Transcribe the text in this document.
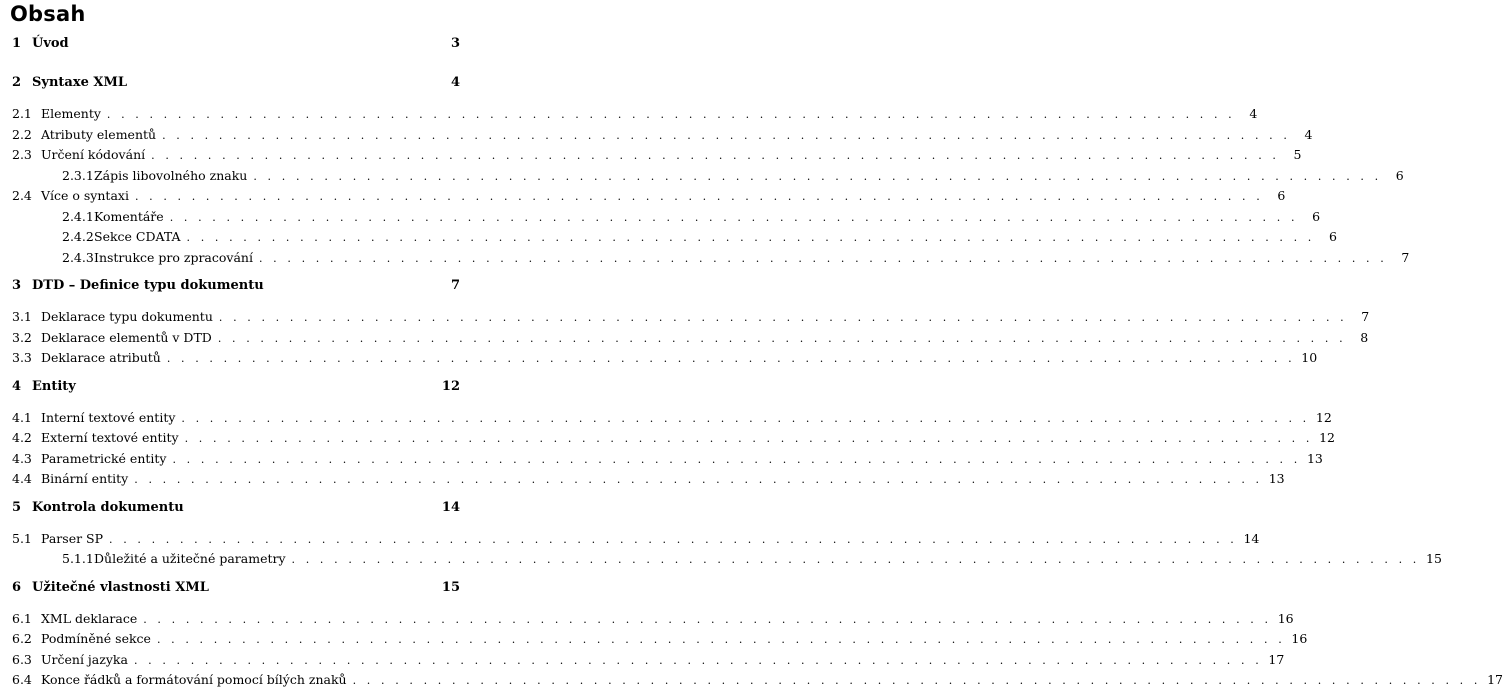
Obsah
1 Úvod	3
2 Syntaxe XML	4
2.1 Elementy . . . . . . . . . . . . . . . . . . . . . . . . . . . . . . . . . . . . . . . . . . . . . . . . . . . . . . . . . . . . . . . . . . . . . . . . . . . . . . . .	4
2.2 Atributy elementů . . . . . . . . . . . . . . . . . . . . . . . . . . . . . . . . . . . . . . . . . . . . . . . . . . . . . . . . . . . . . . . . . . . . . . . . . . . . . . . .	4
2.3 Určení kódování . . . . . . . . . . . . . . . . . . . . . . . . . . . . . . . . . . . . . . . . . . . . . . . . . . . . . . . . . . . . . . . . . . . . . . . . . . . . . . . .	5
2.3.1 Zápis libovolného znaku . . . . . . . . . . . . . . . . . . . . . . . . . . . . . . . . . . . . . . . . . . . . . . . . . . . . . . . . . . . . . . . . . . . . . . . . . . . . . . . .	6
2.4 Více o syntaxi . . . . . . . . . . . . . . . . . . . . . . . . . . . . . . . . . . . . . . . . . . . . . . . . . . . . . . . . . . . . . . . . . . . . . . . . . . . . . . . .	6
2.4.1 Komentáře . . . . . . . . . . . . . . . . . . . . . . . . . . . . . . . . . . . . . . . . . . . . . . . . . . . . . . . . . . . . . . . . . . . . . . . . . . . . . . . .	6
2.4.2 Sekce CDATA . . . . . . . . . . . . . . . . . . . . . . . . . . . . . . . . . . . . . . . . . . . . . . . . . . . . . . . . . . . . . . . . . . . . . . . . . . . . . . . .	6
2.4.3 Instrukce pro zpracování . . . . . . . . . . . . . . . . . . . . . . . . . . . . . . . . . . . . . . . . . . . . . . . . . . . . . . . . . . . . . . . . . . . . . . . . . . . . . . . .	7
3 DTD – Definice typu dokumentu	7
3.1 Deklarace typu dokumentu . . . . . . . . . . . . . . . . . . . . . . . . . . . . . . . . . . . . . . . . . . . . . . . . . . . . . . . . . . . . . . . . . . . . . . . . . . . . . . . .	7
3.2 Deklarace elementů v DTD . . . . . . . . . . . . . . . . . . . . . . . . . . . . . . . . . . . . . . . . . . . . . . . . . . . . . . . . . . . . . . . . . . . . . . . . . . . . . . . .	8
3.3 Deklarace atributů . . . . . . . . . . . . . . . . . . . . . . . . . . . . . . . . . . . . . . . . . . . . . . . . . . . . . . . . . . . . . . . . . . . . . . . . . . . . . . . . 10
4 Entity	12
4.1 Interní textové entity . . . . . . . . . . . . . . . . . . . . . . . . . . . . . . . . . . . . . . . . . . . . . . . . . . . . . . . . . . . . . . . . . . . . . . . . . . . . . . . . 12
4.2 Externí textové entity . . . . . . . . . . . . . . . . . . . . . . . . . . . . . . . . . . . . . . . . . . . . . . . . . . . . . . . . . . . . . . . . . . . . . . . . . . . . . . . . 12
4.3 Parametrické entity . . . . . . . . . . . . . . . . . . . . . . . . . . . . . . . . . . . . . . . . . . . . . . . . . . . . . . . . . . . . . . . . . . . . . . . . . . . . . . . . 13
4.4 Binární entity . . . . . . . . . . . . . . . . . . . . . . . . . . . . . . . . . . . . . . . . . . . . . . . . . . . . . . . . . . . . . . . . . . . . . . . . . . . . . . . . 13
5 Kontrola dokumentu	14
5.1 Parser SP . . . . . . . . . . . . . . . . . . . . . . . . . . . . . . . . . . . . . . . . . . . . . . . . . . . . . . . . . . . . . . . . . . . . . . . . . . . . . . . . 14
5.1.1 Důležité a užitečné parametry . . . . . . . . . . . . . . . . . . . . . . . . . . . . . . . . . . . . . . . . . . . . . . . . . . . . . . . . . . . . . . . . . . . . . . . . . . . . . . . . 15
6 Užitečné vlastnosti XML	15
6.1 XML deklarace . . . . . . . . . . . . . . . . . . . . . . . . . . . . . . . . . . . . . . . . . . . . . . . . . . . . . . . . . . . . . . . . . . . . . . . . . . . . . . . . 16
6.2 Podmíněné sekce . . . . . . . . . . . . . . . . . . . . . . . . . . . . . . . . . . . . . . . . . . . . . . . . . . . . . . . . . . . . . . . . . . . . . . . . . . . . . . . . 16
6.3 Určení jazyka . . . . . . . . . . . . . . . . . . . . . . . . . . . . . . . . . . . . . . . . . . . . . . . . . . . . . . . . . . . . . . . . . . . . . . . . . . . . . . . . 17
6.4 Konce řádků a formátování pomocí bílých znaků . . . . . . . . . . . . . . . . . . . . . . . . . . . . . . . . . . . . . . . . . . . . . . . . . . . . . . . . . . . . . . . . . . . . . . . . . . . . . . . . 17
